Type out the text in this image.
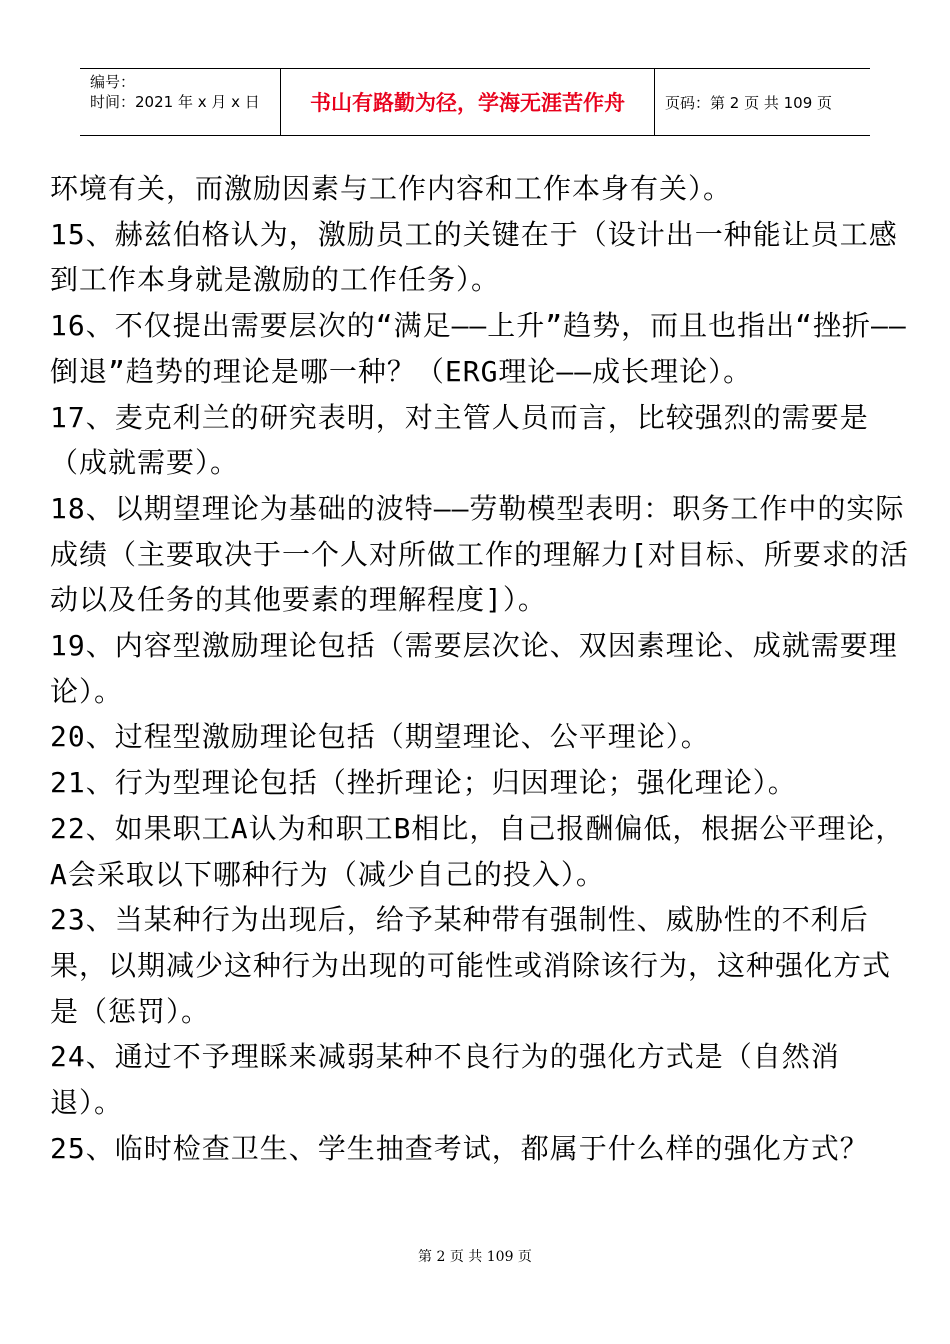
编号：
时间：2021 年 x 月 x 日	书山有路勤为径，学海无涯苦作舟	页码：第 2 页 共 109 页

环境有关，而激励因素与工作内容和工作本身有关）。

15、赫兹伯格认为，激励员工的关键在于（设计出一种能让员工感到工作本身就是激励的工作任务）。

16、不仅提出需要层次的“满足——上升”趋势，而且也指出“挫折——倒退”趋势的理论是哪一种？（ERG理论——成长理论）。

17、麦克利兰的研究表明，对主管人员而言，比较强烈的需要是（成就需要）。

18、以期望理论为基础的波特——劳勒模型表明：职务工作中的实际成绩（主要取决于一个人对所做工作的理解力[对目标、所要求的活动以及任务的其他要素的理解程度]）。

19、内容型激励理论包括（需要层次论、双因素理论、成就需要理论）。

20、过程型激励理论包括（期望理论、公平理论）。

21、行为型理论包括（挫折理论；归因理论；强化理论）。

22、如果职工A认为和职工B相比，自己报酬偏低，根据公平理论，A会采取以下哪种行为（减少自己的投入）。

23、当某种行为出现后，给予某种带有强制性、威胁性的不利后果，以期减少这种行为出现的可能性或消除该行为，这种强化方式是（惩罚）。

24、通过不予理睬来减弱某种不良行为的强化方式是（自然消退）。

25、临时检查卫生、学生抽查考试，都属于什么样的强化方式？

第 2 页 共 109 页
